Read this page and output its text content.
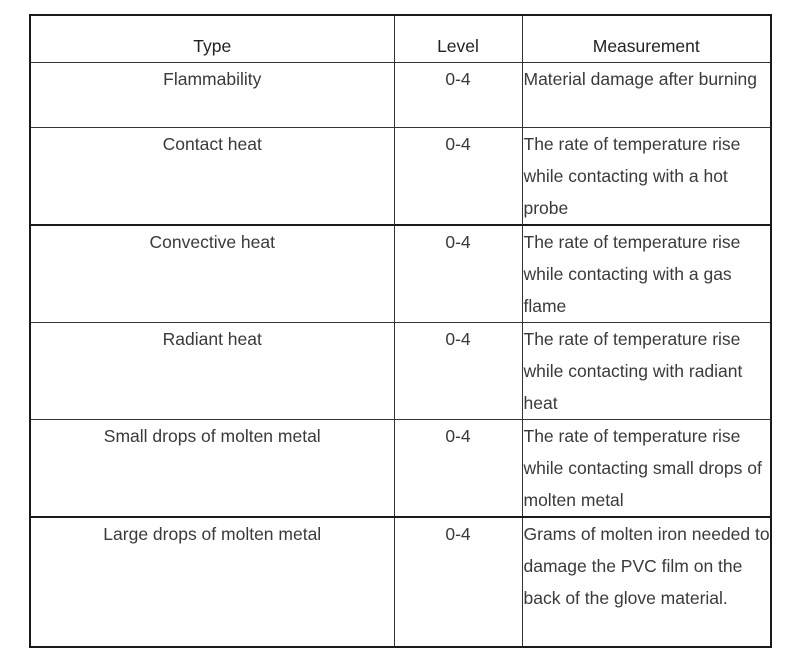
Type	Level	Measurement
Flammability	0-4	Material damage after burning
Contact heat	0-4	The rate of temperature rise while contacting with a hot probe
Convective heat	0-4	The rate of temperature rise while contacting with a gas flame
Radiant heat	0-4	The rate of temperature rise while contacting with radiant heat
Small drops of molten metal	0-4	The rate of temperature rise while contacting small drops of molten metal
Large drops of molten metal	0-4	Grams of molten iron needed to damage the PVC film on the back of the glove material.
